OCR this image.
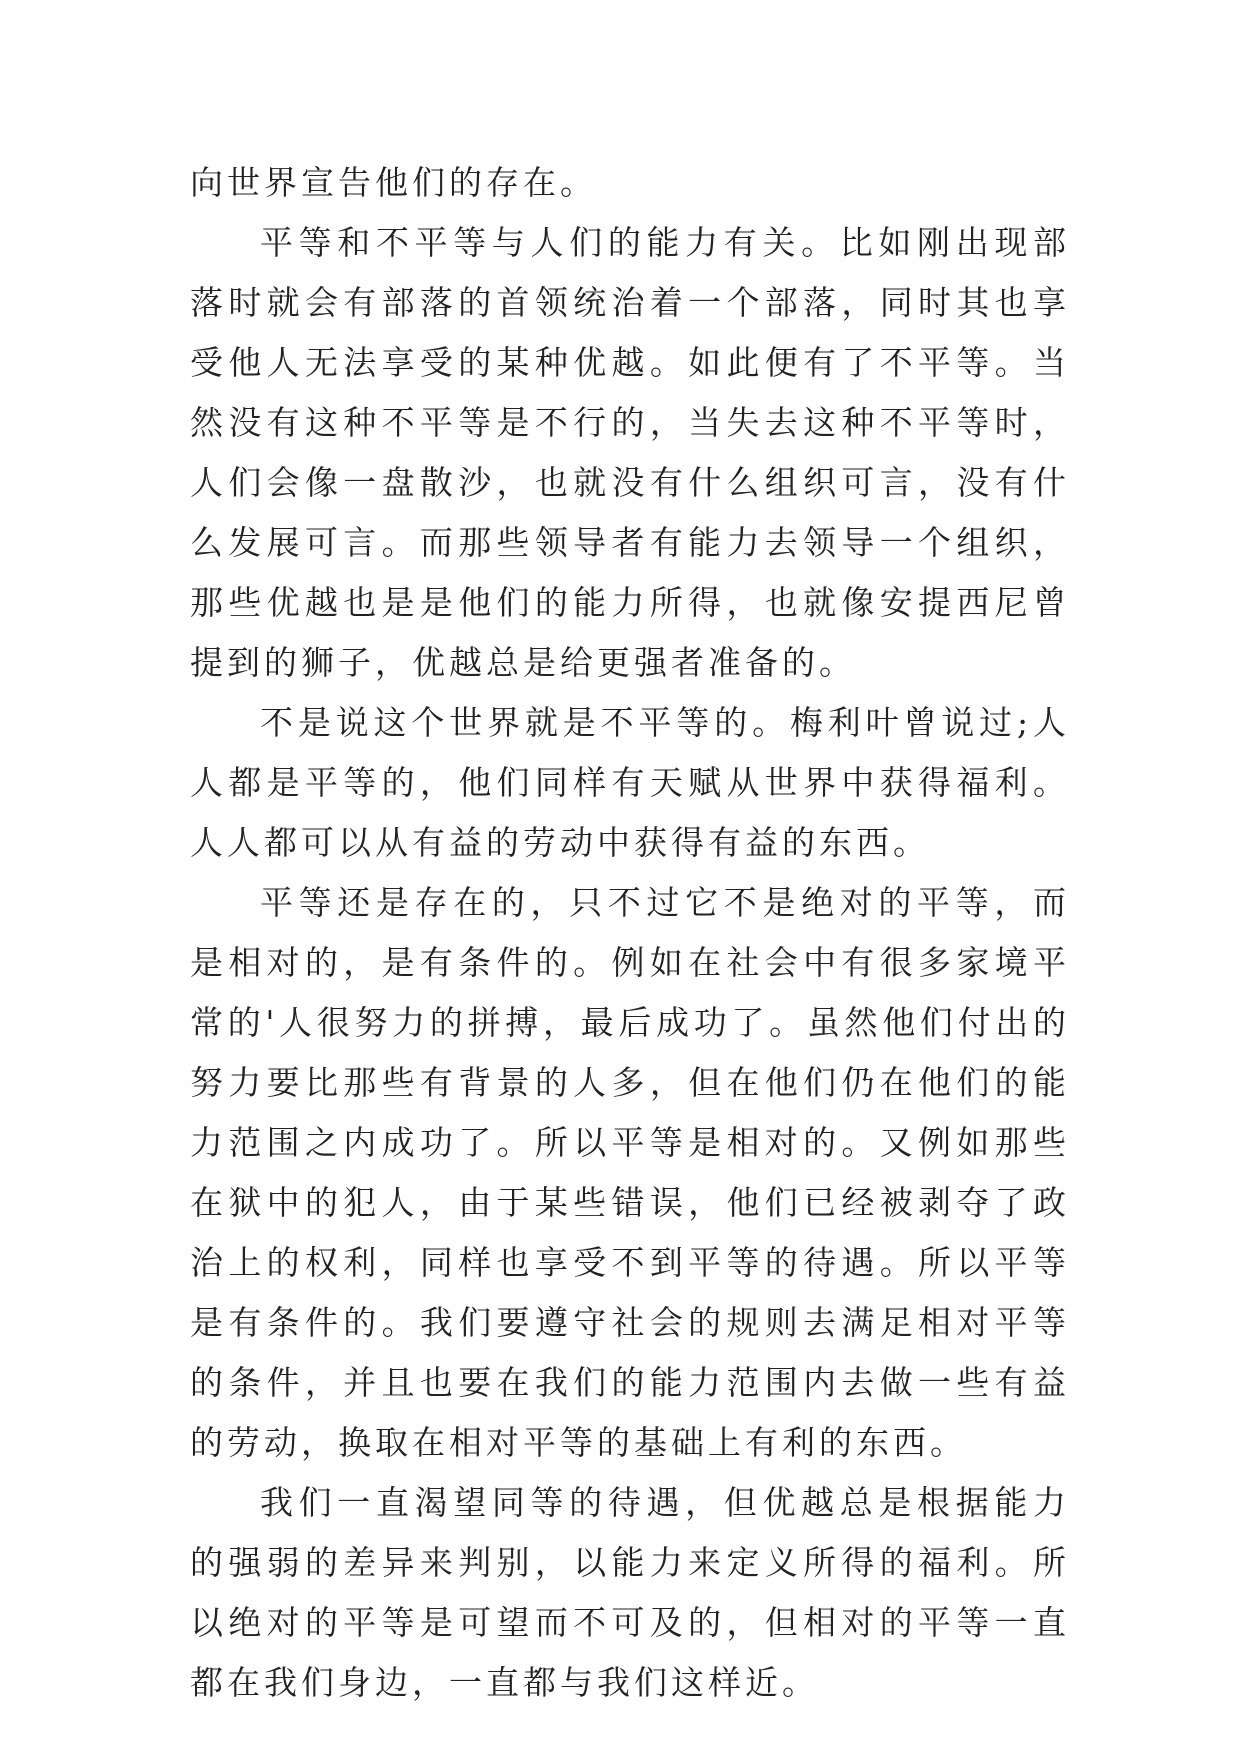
向世界宣告他们的存在。

平等和不平等与人们的能力有关。比如刚出现部落时就会有部落的首领统治着一个部落，同时其也享受他人无法享受的某种优越。如此便有了不平等。当然没有这种不平等是不行的，当失去这种不平等时，人们会像一盘散沙，也就没有什么组织可言，没有什么发展可言。而那些领导者有能力去领导一个组织，那些优越也是是他们的能力所得，也就像安提西尼曾提到的狮子，优越总是给更强者准备的。

不是说这个世界就是不平等的。梅利叶曾说过;人人都是平等的，他们同样有天赋从世界中获得福利。人人都可以从有益的劳动中获得有益的东西。

平等还是存在的，只不过它不是绝对的平等，而是相对的，是有条件的。例如在社会中有很多家境平常的'人很努力的拼搏，最后成功了。虽然他们付出的努力要比那些有背景的人多，但在他们仍在他们的能力范围之内成功了。所以平等是相对的。又例如那些在狱中的犯人，由于某些错误，他们已经被剥夺了政治上的权利，同样也享受不到平等的待遇。所以平等是有条件的。我们要遵守社会的规则去满足相对平等的条件，并且也要在我们的能力范围内去做一些有益的劳动，换取在相对平等的基础上有利的东西。

我们一直渴望同等的待遇，但优越总是根据能力的强弱的差异来判别，以能力来定义所得的福利。所以绝对的平等是可望而不可及的，但相对的平等一直都在我们身边，一直都与我们这样近。
